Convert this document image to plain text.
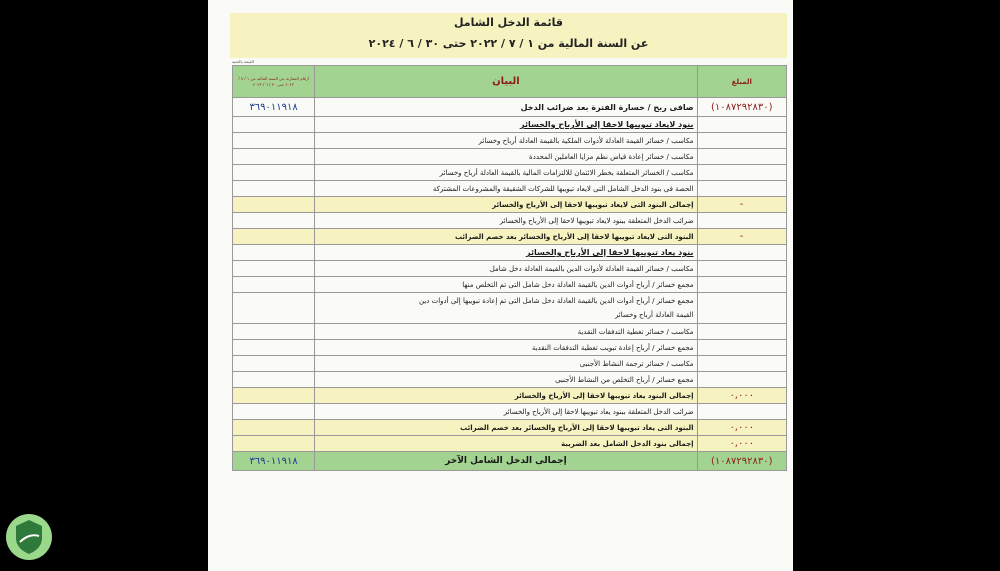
قائمة الدخل الشامل
عن السنة المالية من ١ / ٧ / ٢٠٢٢ حتى ٣٠ / ٦ / ٢٠٢٤
القيمة بالجنيه
أرقام المقارنة عن السنة المالية من ١ / ٧ / ٢٠٢٢ حتى ٣٠ / ٦ / ٢٠٢٣	البيان	المبلغ
٣٦٩٠١١٩١٨	صافى ربح / خسارة الفترة بعد ضرائب الدخل	(١٠٨٧٢٩٢٨٣٠)
	بنود لايعاد تبويبها لاحقا إلى الأرباح والخسائر	
	مكاسب / خسائر القيمة العادلة لأدوات الملكية بالقيمة العادلة أرباح وخسائر	
	مكاسب / خسائر إعادة قياس نظم مزايا العاملين المحددة	
	مكاسب / الخسائر المتعلقة بخطر الائتمان للالتزامات المالية بالقيمة العادلة أرباح وخسائر	
	الحصة فى بنود الدخل الشامل التى لايعاد تبويبها للشركات الشقيقة والمشروعات المشتركة	
	إجمالى البنود التى لايعاد تبويبها لاحقا إلى الأرباح والخسائر	-
	ضرائب الدخل المتعلقة ببنود لايعاد تبويبها لاحقا إلى الأرباح والخسائر	
	البنود التى لايعاد تبويبها لاحقا إلى الأرباح والخسائر بعد خصم الضرائب	-
	بنود يعاد تبويبها لاحقا إلى الأرباح والخسائر	
	مكاسب / خسائر القيمة العادلة لأدوات الدين بالقيمة العادلة دخل شامل	
	مجمع خسائر / أرباح أدوات الدين بالقيمة العادلة دخل شامل التى تم التخلص منها	

	مجمع خسائر / أرباح أدوات الدين بالقيمة العادلة دخل شامل التى تم إعادة تبويبها إلى أدوات دين
القيمة العادلة أرباح وخسائر	

	مكاسب / خسائر تغطية التدفقات النقدية	
	مجمع خسائر / أرباح إعادة تبويب تغطية التدفقات النقدية	
	مكاسب / خسائر ترجمة النشاط الأجنبى	
	مجمع خسائر / أرباح التخلص من النشاط الأجنبى	
	إجمالى البنود يعاد تبويبها لاحقا إلى الأرباح والخسائر	٠,٠٠٠
	ضرائب الدخل المتعلقة ببنود يعاد تبويبها لاحقا إلى الأرباح والخسائر	
	البنود التى يعاد تبويبها لاحقا إلى الأرباح والخسائر بعد خصم الضرائب	٠,٠٠٠
	إجمالى بنود الدخل الشامل بعد الضريبة	٠,٠٠٠
٣٦٩٠١١٩١٨	إجمالى الدخل الشامل الآخر	(١٠٨٧٢٩٢٨٣٠)
